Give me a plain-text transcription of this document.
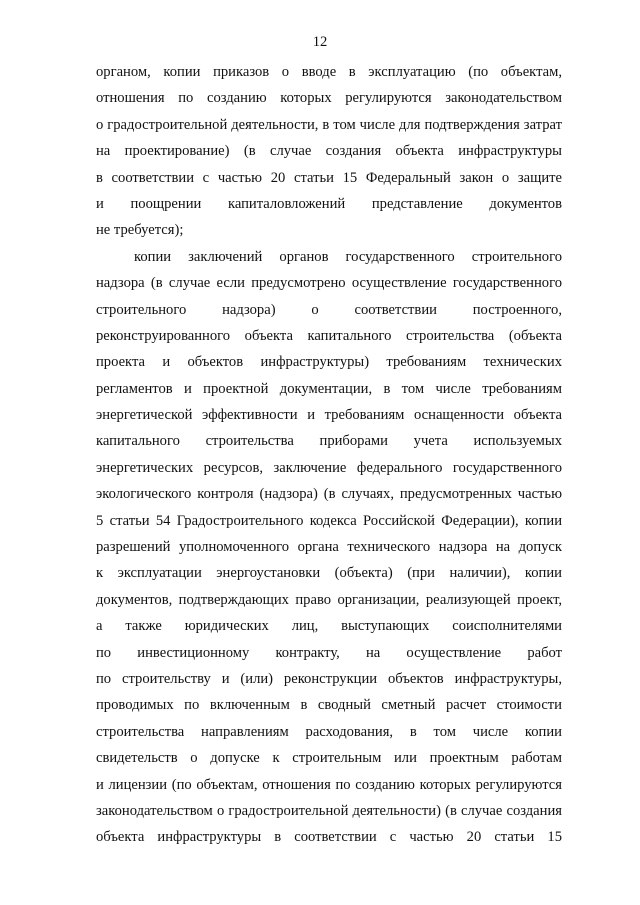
12
органом, копии приказов о вводе в эксплуатацию (по объектам,
отношения по созданию которых регулируются законодательством
о градостроительной деятельности, в том числе для подтверждения затрат
на проектирование) (в случае создания объекта инфраструктуры
в соответствии с частью 20 статьи 15 Федеральный закон о защите
и поощрении капиталовложений представление документов
не требуется);
копии заключений органов государственного строительного
надзора (в случае если предусмотрено осуществление государственного
строительного надзора) о соответствии построенного,
реконструированного объекта капитального строительства (объекта
проекта и объектов инфраструктуры) требованиям технических
регламентов и проектной документации, в том числе требованиям
энергетической эффективности и требованиям оснащенности объекта
капитального строительства приборами учета используемых
энергетических ресурсов, заключение федерального государственного
экологического контроля (надзора) (в случаях, предусмотренных частью
5 статьи 54 Градостроительного кодекса Российской Федерации), копии
разрешений уполномоченного органа технического надзора на допуск
к эксплуатации энергоустановки (объекта) (при наличии), копии
документов, подтверждающих право организации, реализующей проект,
а также юридических лиц, выступающих соисполнителями
по инвестиционному контракту, на осуществление работ
по строительству и (или) реконструкции объектов инфраструктуры,
проводимых по включенным в сводный сметный расчет стоимости
строительства направлениям расходования, в том числе копии
свидетельств о допуске к строительным или проектным работам
и лицензии (по объектам, отношения по созданию которых регулируются
законодательством о градостроительной деятельности) (в случае создания
объекта инфраструктуры в соответствии с частью 20 статьи 15
